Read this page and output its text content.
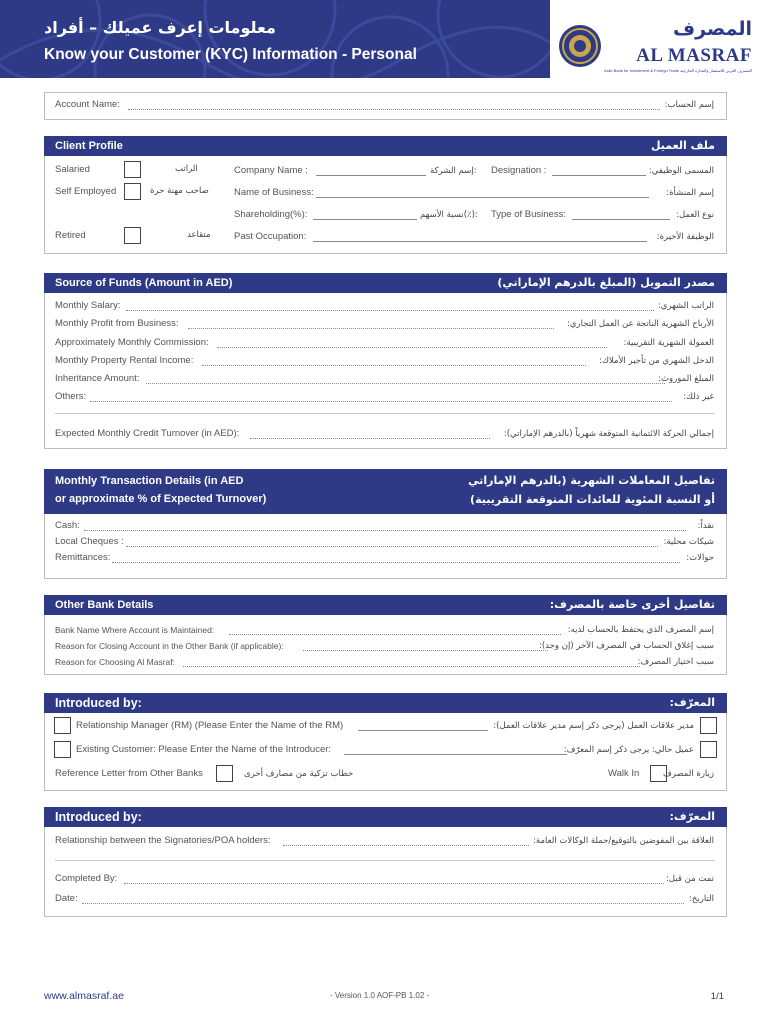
معلومات إعرف عميلك – أفراد
Know your Customer (KYC) Information - Personal
المصرف
AL MASRAF
Arab Bank for Investment & Foreign Trade المصرف العربي للاستثمار والتجارة الخارجية
Account Name:	إسم الحساب:
Client Profile	ملف العميل
Salaried	الراتب
Self Employed	صاحب مهنة حرة
Retired	متقاعد
Company Name :	إسم الشركة: Designation :	المسمى الوظيفي:
Name of Business:	إسم المنشأة:
Shareholding(%):	نسبة الأسهم(٪): Type of Business:	نوع العمل:
Past Occupation:	الوظيفة الأخيرة:
Source of Funds (Amount in AED)	مصدر التمويل (المبلغ بالدرهم الإماراتي)
Monthly Salary:	الراتب الشهري:
Monthly Profit from Business:	الأرباح الشهرية الناتجة عن العمل التجاري:
Approximately Monthly Commission:	العمولة الشهرية التقريبية:
Monthly Property Rental Income:	الدخل الشهري من تأجير الأملاك:
Inheritance Amount:	المبلغ الموروث:
Others:	غير ذلك:
Expected Monthly Credit Turnover (in AED):	إجمالي الحركة الائتمانية المتوقعة شهرياً (بالدرهم الإماراتي):
Monthly Transaction Details (in AED
or approximate % of Expected Turnover)
تفاصيل المعاملات الشهرية (بالدرهم الإماراتي
أو النسبة المئوية للعائدات المتوقعة التقريبية)
Cash:	نقداً:
Local Cheques :	شيكات محلية:
Remittances:	حوالات:
Other Bank Details	تفاصيل أخرى خاصة بالمصرف:
Bank Name Where Account is Maintained:	إسم المصرف الذي يحتفظ بالحساب لديه:
Reason for Closing Account in the Other Bank (if applicable):	سبب إغلاق الحساب في المصرف الآخر (إن وجد):
Reason for Choosing Al Masraf:	سبب اختيار المصرف:
Introduced by:	المعرّف:
Relationship Manager (RM) (Please Enter the Name of the RM)	مدير علاقات العمل (يرجى ذكر إسم مدير علاقات العمل):
Existing Customer: Please Enter the Name of the Introducer:	عميل حالي: يرجى ذكر إسم المعرّف:
Reference Letter from Other Banks	خطاب تزكية من مصارف أخرى	Walk In	زيارة المصرف
Introduced by:	المعرّف:
Relationship between the Signatories/POA holders:	العلاقة بين المفوضين بالتوقيع/حملة الوكالات العامة:
Completed By:	تمت من قبل:
Date:	التاريخ:
www.almasraf.ae	- Version 1.0 AOF-PB 1.02 -	1/1
